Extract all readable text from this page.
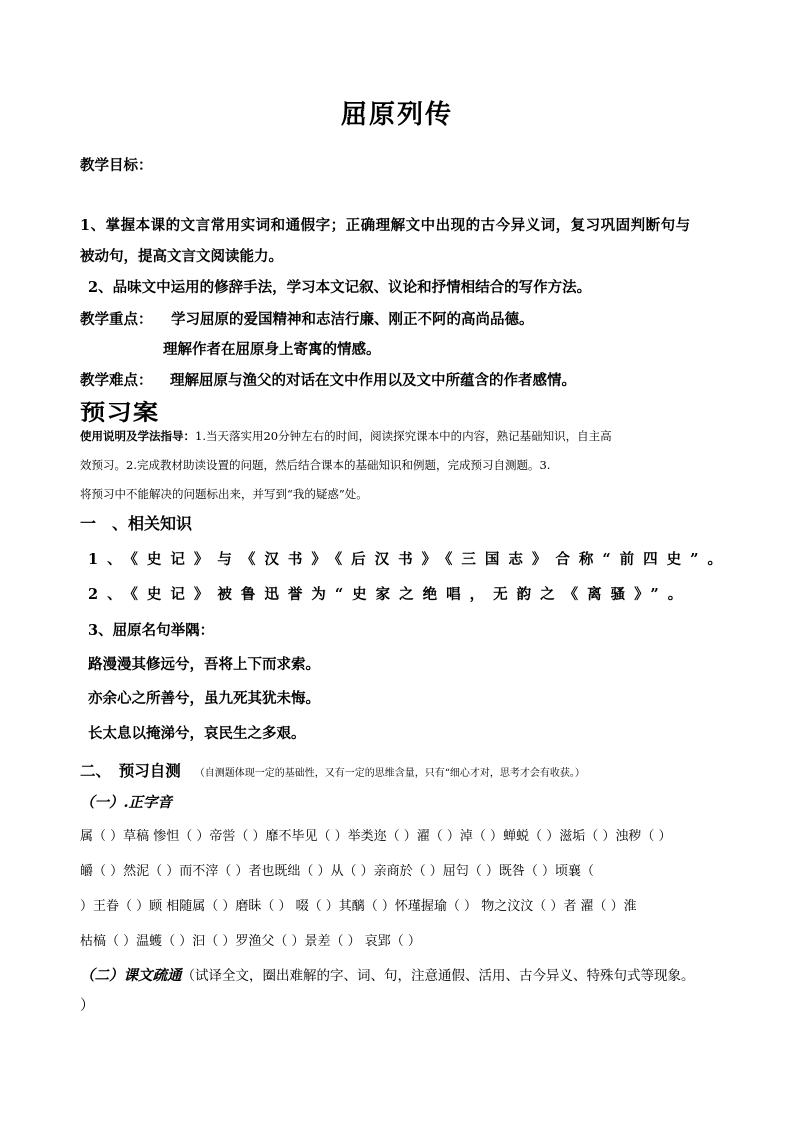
屈原列传
教学目标：
1、掌握本课的文言常用实词和通假字；正确理解文中出现的古今异义词，复习巩固判断句与
被动句，提高文言文阅读能力。
2、品味文中运用的修辞手法，学习本文记叙、议论和抒情相结合的写作方法。
教学重点： 学习屈原的爱国精神和志洁行廉、刚正不阿的高尚品德。
理解作者在屈原身上寄寓的情感。
教学难点： 理解屈原与渔父的对话在文中作用以及文中所蕴含的作者感情。
预习案
使用说明及学法指导：1.当天落实用20分钟左右的时间，阅读探究课本中的内容，熟记基础知识，自主高
效预习。2.完成教材助读设置的问题，然后结合课本的基础知识和例题，完成预习自测题。3.
将预习中不能解决的问题标出来，并写到“我的疑惑”处。
一　、相关知识
1、《史记》与《汉书》《后汉书》《三国志》合称“前四史”。
2、《史记》被鲁迅誉为“史家之绝唱，无韵之《离骚》”。
3、屈原名句举隅：
路漫漫其修远兮，吾将上下而求索。
亦余心之所善兮，虽九死其犹未悔。
长太息以掩涕兮，哀民生之多艰。
二、　预习自测 （自测题体现一定的基础性，又有一定的思维含量，只有“细心才对，思考才会有收获。）
（一）.正字音
属（ ）草稿 惨怛（ ）帝喾（ ）靡不毕见（ ）举类迩（ ）濯（ ）淖（ ）蝉蜕（ ）滋垢（ ）浊秽（ ）
皭（ ）然泥（ ）而不滓（ ）者也既绌（ ）从（ ）亲商於（ ）屈匄（ ）既咎（ ）顷襄（
）王眷（ ）顾 相随属（ ）磨眛（ ） 啜（ ）其醨（ ）怀瑾握瑜（ ） 物之汶汶（ ）者 濯（ ）淮
枯槁（ ）温蠖（ ）汩（ ）罗渔父（ ）景差（ ） 哀郢（ ）
（二）课文疏通（试译全文，圈出难解的字、词、句，注意通假、活用、古今异义、特殊句式等现象。
）
